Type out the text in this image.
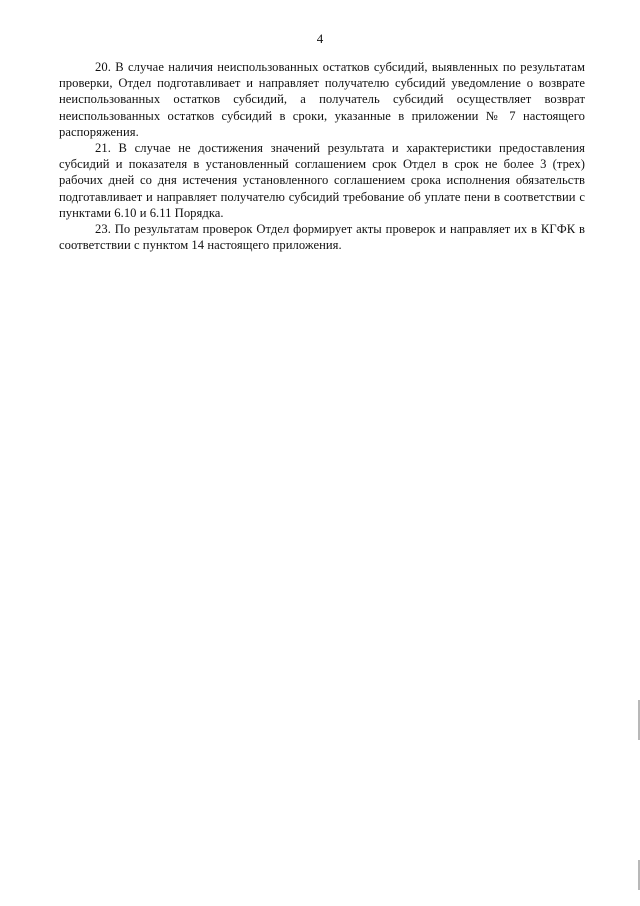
4

20. В случае наличия неиспользованных остатков субсидий, выявленных по результатам проверки, Отдел подготавливает и направляет получателю субсидий уведомление о возврате неиспользованных остатков субсидий, а получатель субсидий осуществляет возврат неиспользованных остатков субсидий в сроки, указанные в приложении № 7 настоящего распоряжения.

21. В случае не достижения значений результата и характеристики предоставления субсидий и показателя в установленный соглашением срок Отдел в срок не более 3 (трех) рабочих дней со дня истечения установленного соглашением срока исполнения обязательств подготавливает и направляет получателю субсидий требование об уплате пени в соответствии с пунктами 6.10 и 6.11 Порядка.

23. По результатам проверок Отдел формирует акты проверок и направляет их в КГФК в соответствии с пунктом 14 настоящего приложения.
